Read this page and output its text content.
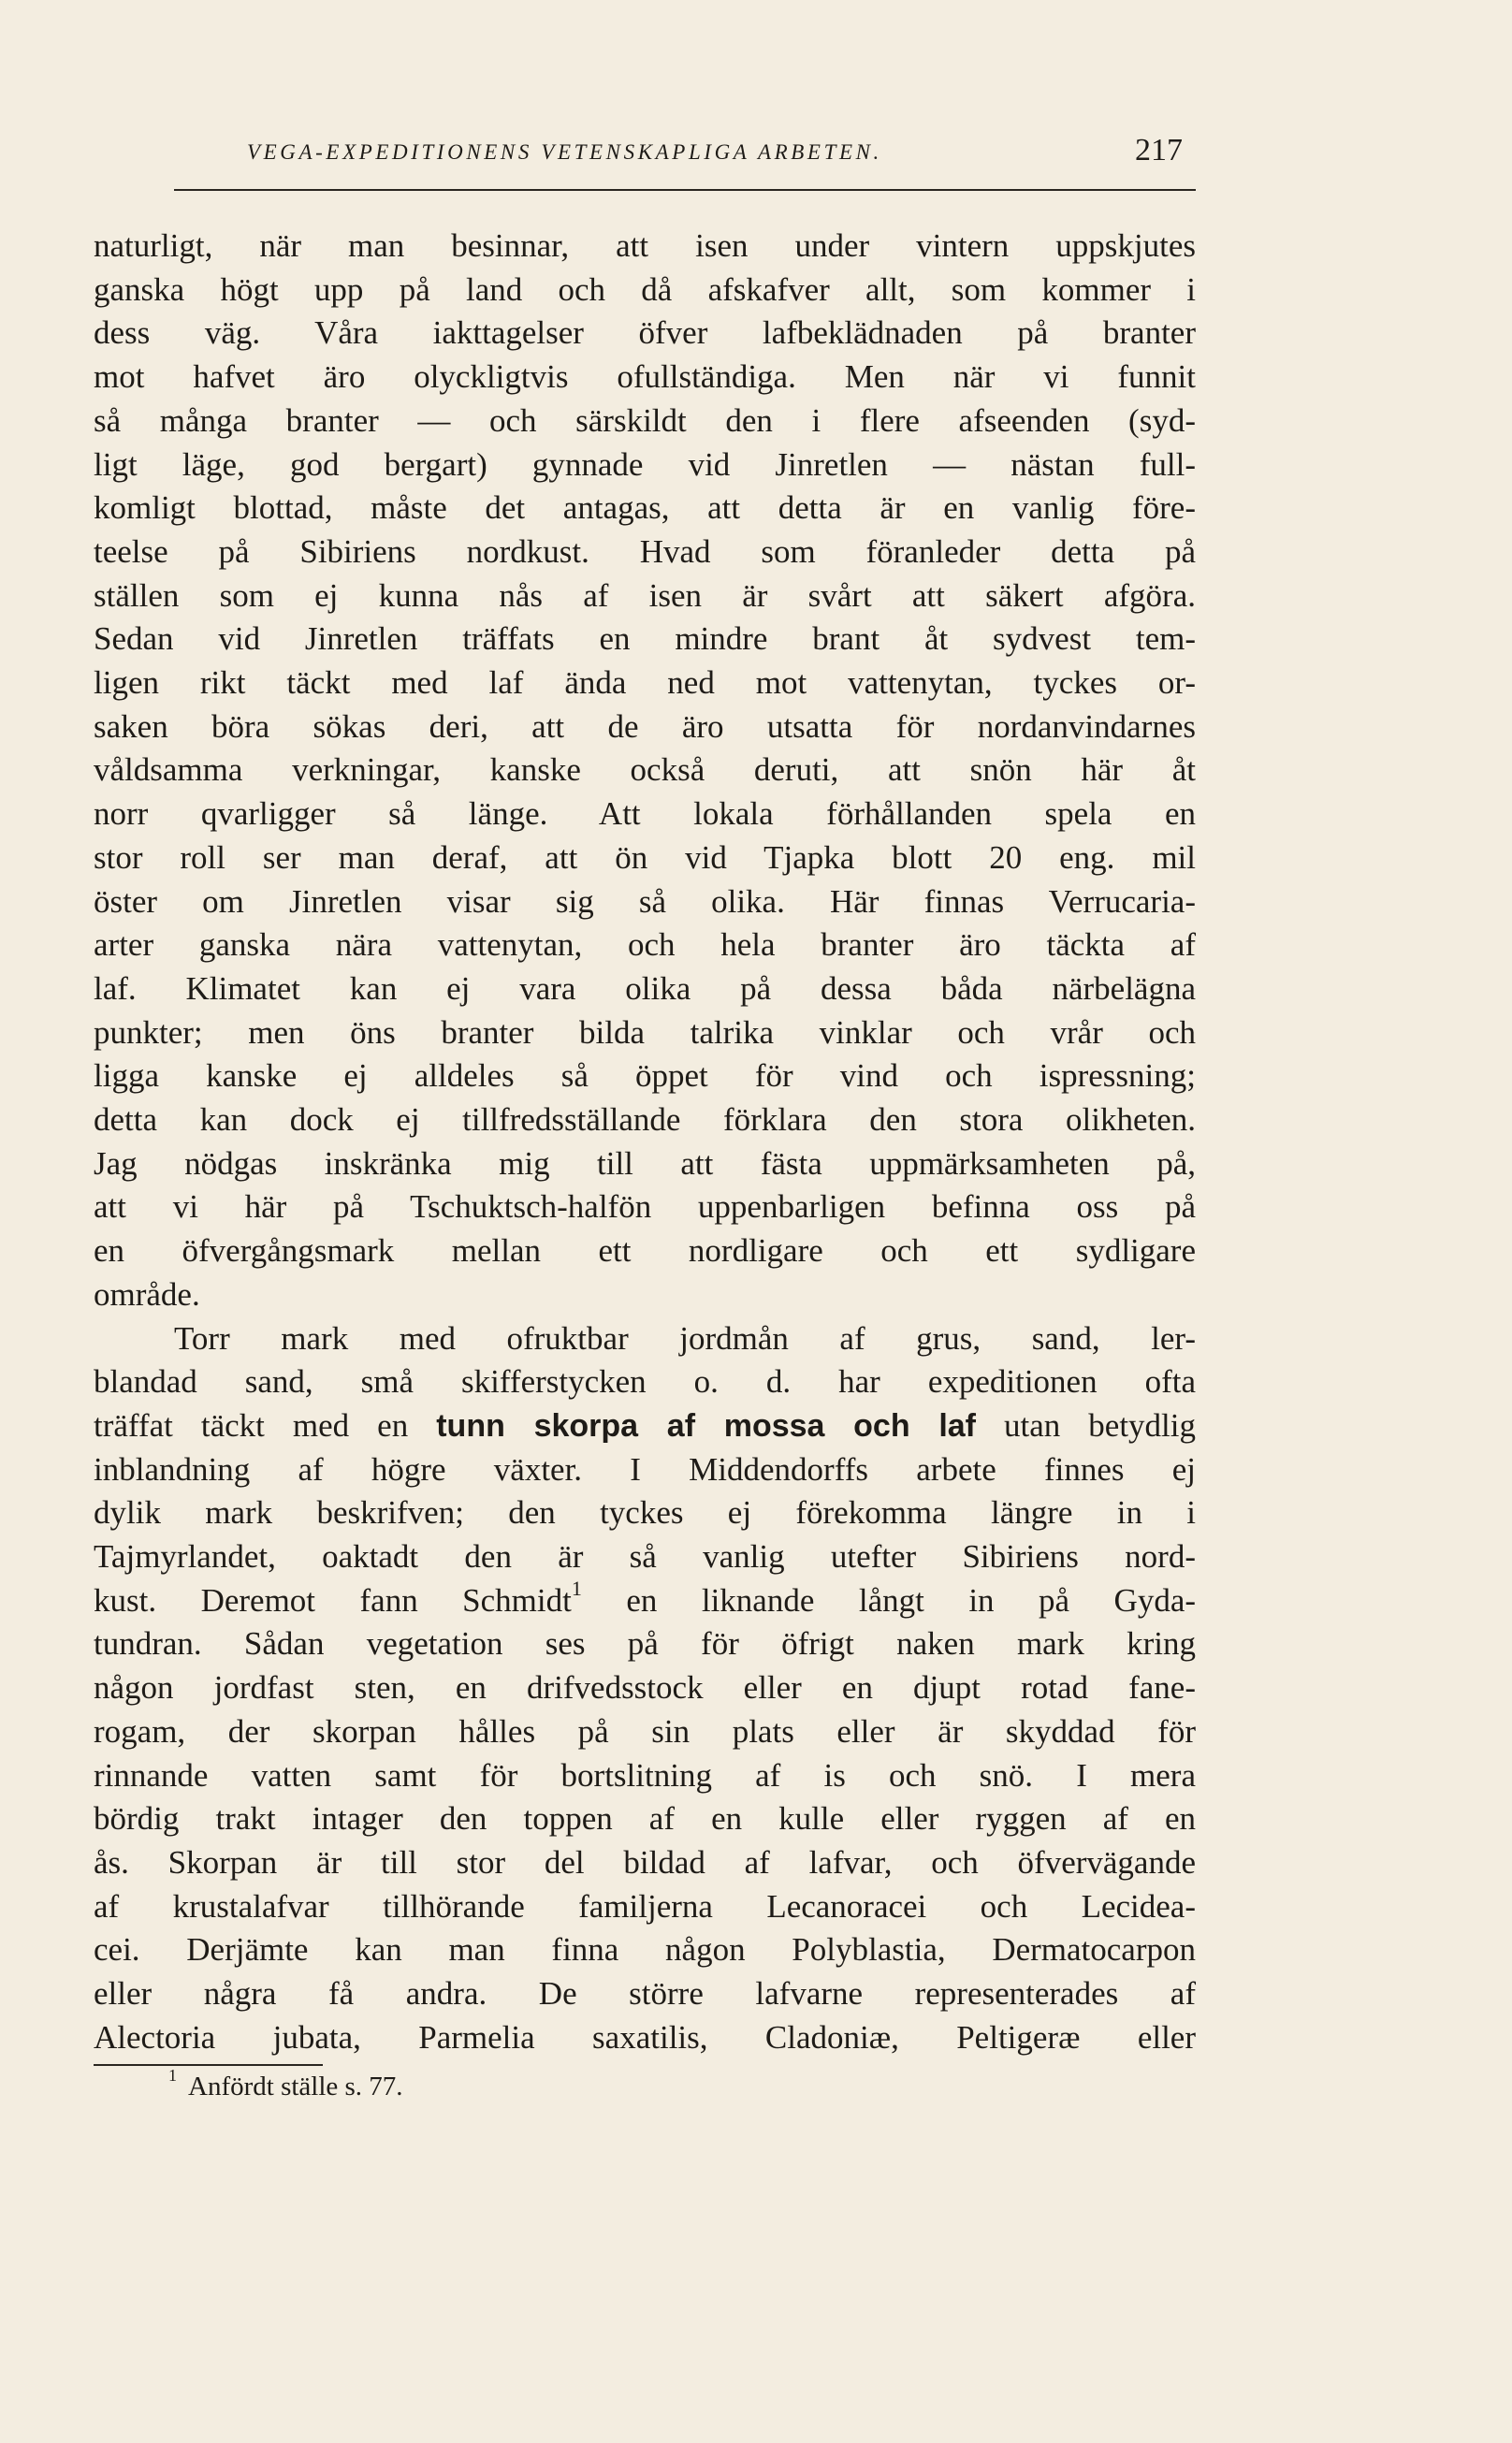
VEGA-EXPEDITIONENS VETENSKAPLIGA ARBETEN.	217
naturligt, när man besinnar, att isen under vintern uppskjutes
ganska högt upp på land och då afskafver allt, som kommer i
dess väg. Våra iakttagelser öfver lafbeklädnaden på branter
mot hafvet äro olyckligtvis ofullständiga. Men när vi funnit
så många branter — och särskildt den i flere afseenden (syd-
ligt läge, god bergart) gynnade vid Jinretlen — nästan full-
komligt blottad, måste det antagas, att detta är en vanlig före-
teelse på Sibiriens nordkust. Hvad som föranleder detta på
ställen som ej kunna nås af isen är svårt att säkert afgöra.
Sedan vid Jinretlen träffats en mindre brant åt sydvest tem-
ligen rikt täckt med laf ända ned mot vattenytan, tyckes or-
saken böra sökas deri, att de äro utsatta för nordanvindarnes
våldsamma verkningar, kanske också deruti, att snön här åt
norr qvarligger så länge. Att lokala förhållanden spela en
stor roll ser man deraf, att ön vid Tjapka blott 20 eng. mil
öster om Jinretlen visar sig så olika. Här finnas Verrucaria-
arter ganska nära vattenytan, och hela branter äro täckta af
laf. Klimatet kan ej vara olika på dessa båda närbelägna
punkter; men öns branter bilda talrika vinklar och vrår och
ligga kanske ej alldeles så öppet för vind och ispressning;
detta kan dock ej tillfredsställande förklara den stora olikheten.
Jag nödgas inskränka mig till att fästa uppmärksamheten på,
att vi här på Tschuktsch-halfön uppenbarligen befinna oss på
en öfvergångsmark mellan ett nordligare och ett sydligare
område.
Torr mark med ofruktbar jordmån af grus, sand, ler-
blandad sand, små skifferstycken o. d. har expeditionen ofta
träffat täckt med en tunn skorpa af mossa och laf utan betydlig
inblandning af högre växter. I Middendorffs arbete finnes ej
dylik mark beskrifven; den tyckes ej förekomma längre in i
Tajmyrlandet, oaktadt den är så vanlig utefter Sibiriens nord-
kust. Deremot fann Schmidt$^1$ en liknande långt in på Gyda-
tundran. Sådan vegetation ses på för öfrigt naken mark kring
någon jordfast sten, en drifvedsstock eller en djupt rotad fane-
rogam, der skorpan hålles på sin plats eller är skyddad för
rinnande vatten samt för bortslitning af is och snö. I mera
bördig trakt intager den toppen af en kulle eller ryggen af en
ås. Skorpan är till stor del bildad af lafvar, och öfvervägande
af krustalafvar tillhörande familjerna Lecanoracei och Lecidea-
cei. Derjämte kan man finna någon Polyblastia, Dermatocarpon
eller några få andra. De större lafvarne representerades af
Alectoria jubata, Parmelia saxatilis, Cladoniæ, Peltigeræ eller
$^1$ Anfördt ställe s. 77.
